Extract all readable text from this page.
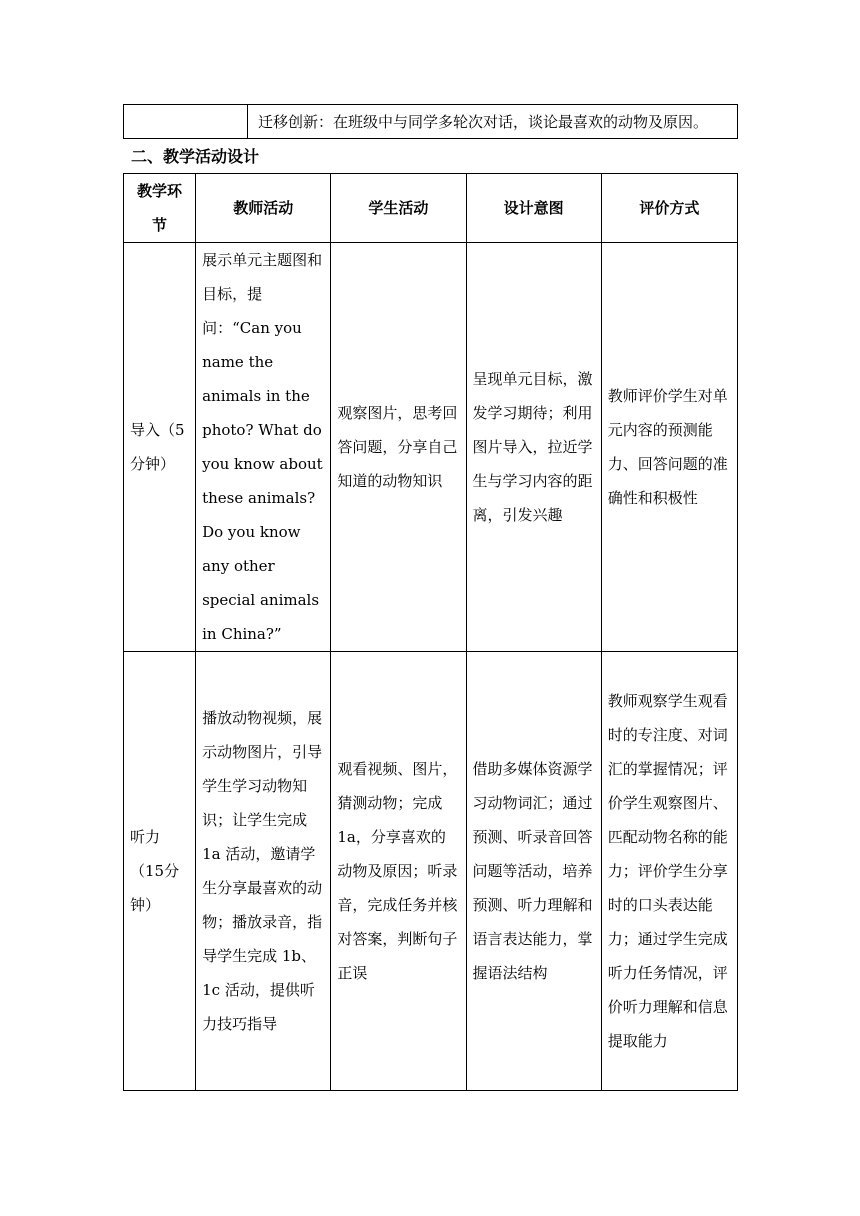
	迁移创新：在班级中与同学多轮次对话，谈论最喜欢的动物及原因。
二、教学活动设计
教学环节	教师活动	学生活动	设计意图	评价方式
导入（5分钟）	展示单元主题图和目标，提问：“Can you name the animals in the photo? What do you know about these animals? Do you know any other special animals in China?”	观察图片，思考回答问题，分享自己知道的动物知识	呈现单元目标，激发学习期待；利用图片导入，拉近学生与学习内容的距离，引发兴趣	教师评价学生对单元内容的预测能力、回答问题的准确性和积极性
听力（15分钟）	播放动物视频，展示动物图片，引导学生学习动物知识；让学生完成 1a 活动，邀请学生分享最喜欢的动物；播放录音，指导学生完成 1b、1c 活动，提供听力技巧指导	观看视频、图片，猜测动物；完成 1a，分享喜欢的动物及原因；听录音，完成任务并核对答案，判断句子正误	借助多媒体资源学习动物词汇；通过预测、听录音回答问题等活动，培养预测、听力理解和语言表达能力，掌握语法结构	教师观察学生观看时的专注度、对词汇的掌握情况；评价学生观察图片、匹配动物名称的能力；评价学生分享时的口头表达能力；通过学生完成听力任务情况，评价听力理解和信息提取能力
